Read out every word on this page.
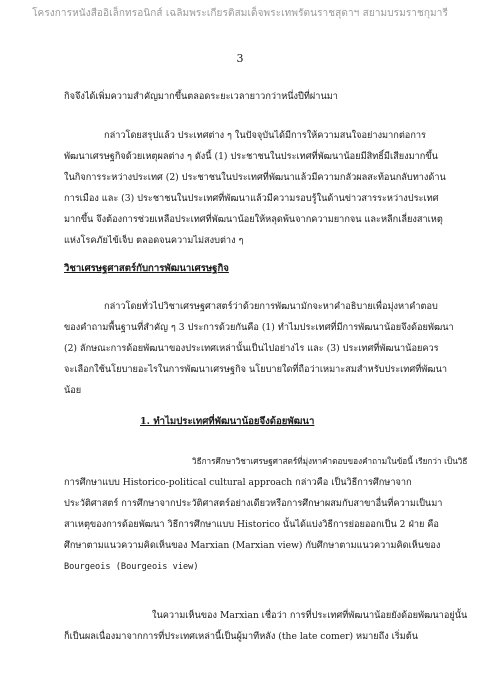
โครงการหนังสืออิเล็กทรอนิกส์ เฉลิมพระเกียรติสมเด็จพระเทพรัตนราชสุดาฯ สยามบรมราชกุมารี
3
กิจจึงได้เพิ่มความสำคัญมากขึ้นตลอดระยะเวลายาวกว่าหนึ่งปีที่ผ่านมา
กล่าวโดยสรุปแล้ว ประเทศต่าง ๆ ในปัจจุบันได้มีการให้ความสนใจอย่างมากต่อการ
พัฒนาเศรษฐกิจด้วยเหตุผลต่าง ๆ ดังนี้ (1) ประชาชนในประเทศที่พัฒนาน้อยมีสิทธิ์มีเสียงมากขึ้น
ในกิจการระหว่างประเทศ (2) ประชาชนในประเทศที่พัฒนาแล้วมีความกลัวผลสะท้อนกลับทางด้าน
การเมือง และ (3) ประชาชนในประเทศที่พัฒนาแล้วมีความรอบรู้ในด้านข่าวสารระหว่างประเทศ
มากขึ้น จึงต้องการช่วยเหลือประเทศที่พัฒนาน้อยให้หลุดพ้นจากความยากจน และหลีกเลี่ยงสาเหตุ
แห่งโรคภัยไข้เจ็บ ตลอดจนความไม่สงบต่าง ๆ
วิชาเศรษฐศาสตร์กับการพัฒนาเศรษฐกิจ
กล่าวโดยทั่วไปวิชาเศรษฐศาสตร์ว่าด้วยการพัฒนามักจะหาคำอธิบายเพื่อมุ่งหาคำตอบ
ของคำถามพื้นฐานที่สำคัญ ๆ 3 ประการด้วยกันคือ (1) ทำไมประเทศที่มีการพัฒนาน้อยจึงด้อยพัฒนา
(2) ลักษณะการด้อยพัฒนาของประเทศเหล่านั้นเป็นไปอย่างไร และ (3) ประเทศที่พัฒนาน้อยควร
จะเลือกใช้นโยบายอะไรในการพัฒนาเศรษฐกิจ นโยบายใดที่ถือว่าเหมาะสมสำหรับประเทศที่พัฒนา
น้อย
1. ทำไมประเทศที่พัฒนาน้อยจึงด้อยพัฒนา
วิธีการศึกษาวิชาเศรษฐศาสตร์ที่มุ่งหาคำตอบของคำถามในข้อนี้ เรียกว่า เป็นวิธี
การศึกษาแบบ Historico-political cultural approach กล่าวคือ เป็นวิธีการศึกษาจาก
ประวัติศาสตร์ การศึกษาจากประวัติศาสตร์อย่างเดียวหรือการศึกษาผสมกับสาขาอื่นที่ความเป็นมา
สาเหตุของการด้อยพัฒนา วิธีการศึกษาแบบ Historico นั้นได้แบ่งวิธีการย่อยออกเป็น 2 ฝ่าย คือ
ศึกษาตามแนวความคิดเห็นของ Marxian (Marxian view) กับศึกษาตามแนวความคิดเห็นของ
Bourgeois (Bourgeois view)
ในความเห็นของ Marxian เชื่อว่า การที่ประเทศที่พัฒนาน้อยยังด้อยพัฒนาอยู่นั้น
ก็เป็นผลเนื่องมาจากการที่ประเทศเหล่านี้เป็นผู้มาทีหลัง (the late comer) หมายถึง เริ่มต้น
